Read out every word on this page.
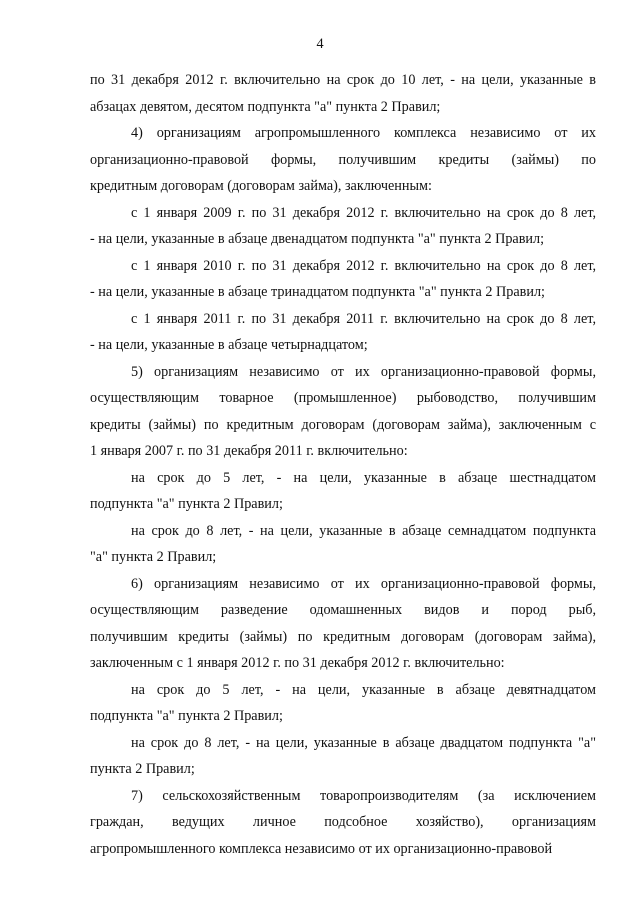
4
по 31 декабря 2012 г. включительно на срок до 10 лет, - на цели, указанные в
абзацах девятом, десятом подпункта "а" пункта 2 Правил;
4) организациям агропромышленного комплекса независимо от их
организационно-правовой формы, получившим кредиты (займы) по
кредитным договорам (договорам займа), заключенным:
с 1 января 2009 г. по 31 декабря 2012 г. включительно на срок до 8 лет,
- на цели, указанные в абзаце двенадцатом подпункта "а" пункта 2 Правил;
с 1 января 2010 г. по 31 декабря 2012 г. включительно на срок до 8 лет,
- на цели, указанные в абзаце тринадцатом подпункта "а" пункта 2 Правил;
с 1 января 2011 г. по 31 декабря 2011 г. включительно на срок до 8 лет,
- на цели, указанные в абзаце четырнадцатом;
5) организациям независимо от их организационно-правовой формы,
осуществляющим товарное (промышленное) рыбоводство, получившим
кредиты (займы) по кредитным договорам (договорам займа), заключенным с
1 января 2007 г. по 31 декабря 2011 г. включительно:
на срок до 5 лет, - на цели, указанные в абзаце шестнадцатом
подпункта "а" пункта 2 Правил;
на срок до 8 лет, - на цели, указанные в абзаце семнадцатом подпункта
"а" пункта 2 Правил;
6) организациям независимо от их организационно-правовой формы,
осуществляющим разведение одомашненных видов и пород рыб,
получившим кредиты (займы) по кредитным договорам (договорам займа),
заключенным с 1 января 2012 г. по 31 декабря 2012 г. включительно:
на срок до 5 лет, - на цели, указанные в абзаце девятнадцатом
подпункта "а" пункта 2 Правил;
на срок до 8 лет, - на цели, указанные в абзаце двадцатом подпункта "а"
пункта 2 Правил;
7) сельскохозяйственным товаропроизводителям (за исключением
граждан, ведущих личное подсобное хозяйство), организациям
агропромышленного комплекса независимо от их организационно-правовой
